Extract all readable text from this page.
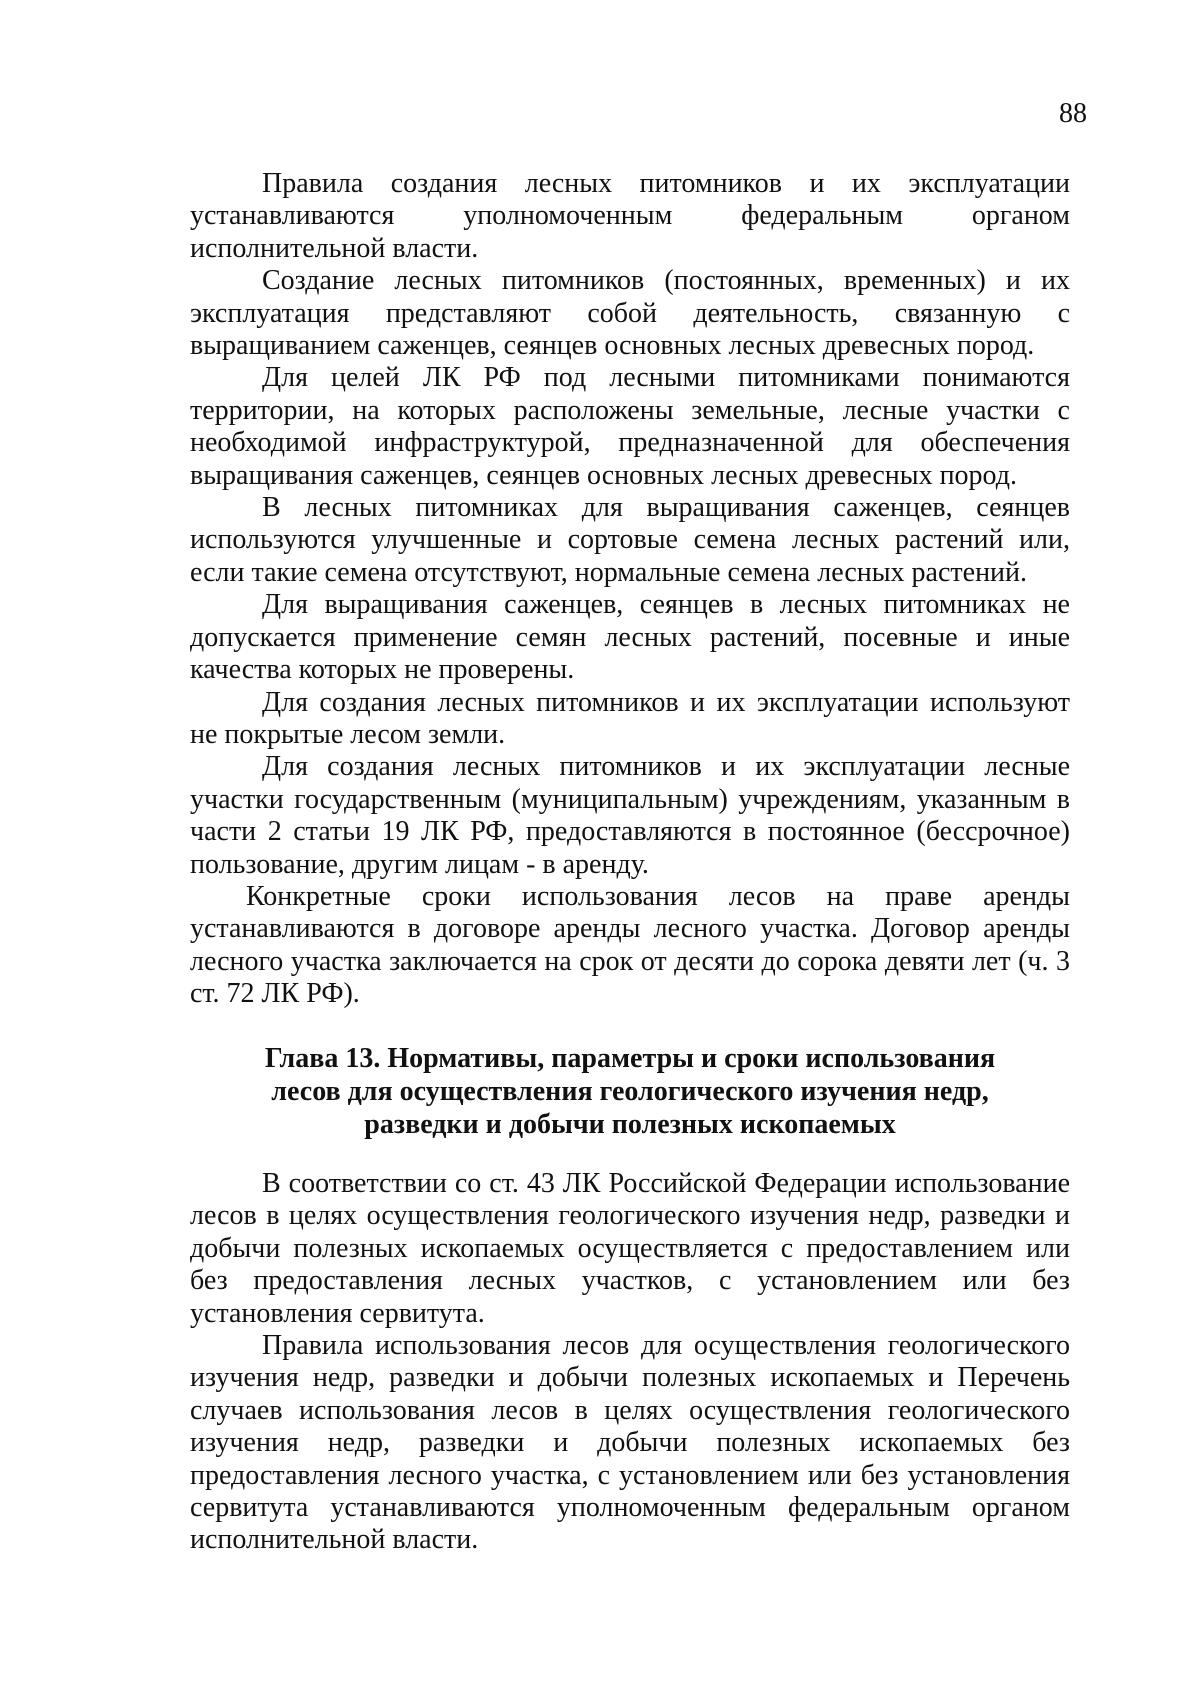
88

Правила создания лесных питомников и их эксплуатации устанавливаются уполномоченным федеральным органом исполнительной власти.

Создание лесных питомников (постоянных, временных) и их эксплуатация представляют собой деятельность, связанную с выращиванием саженцев, сеянцев основных лесных древесных пород.

Для целей ЛК РФ под лесными питомниками понимаются территории, на которых расположены земельные, лесные участки с необходимой инфраструктурой, предназначенной для обеспечения выращивания саженцев, сеянцев основных лесных древесных пород.

В лесных питомниках для выращивания саженцев, сеянцев используются улучшенные и сортовые семена лесных растений или, если такие семена отсутствуют, нормальные семена лесных растений.

Для выращивания саженцев, сеянцев в лесных питомниках не допускается применение семян лесных растений, посевные и иные качества которых не проверены.

Для создания лесных питомников и их эксплуатации используют не покрытые лесом земли.

Для создания лесных питомников и их эксплуатации лесные участки государственным (муниципальным) учреждениям, указанным в части 2 статьи 19 ЛК РФ, предоставляются в постоянное (бессрочное) пользование, другим лицам - в аренду.

Конкретные сроки использования лесов на праве аренды устанавливаются в договоре аренды лесного участка. Договор аренды лесного участка заключается на срок от десяти до сорока девяти лет (ч. 3 ст. 72 ЛК РФ).

Глава 13. Нормативы, параметры и сроки использования
лесов для осуществления геологического изучения недр,
разведки и добычи полезных ископаемых

В соответствии со ст. 43 ЛК Российской Федерации использование лесов в целях осуществления геологического изучения недр, разведки и добычи полезных ископаемых осуществляется с предоставлением или без предоставления лесных участков, с установлением или без установления сервитута.

Правила использования лесов для осуществления геологического изучения недр, разведки и добычи полезных ископаемых и Перечень случаев использования лесов в целях осуществления геологического изучения недр, разведки и добычи полезных ископаемых без предоставления лесного участка, с установлением или без установления сервитута устанавливаются уполномоченным федеральным органом исполнительной власти.
